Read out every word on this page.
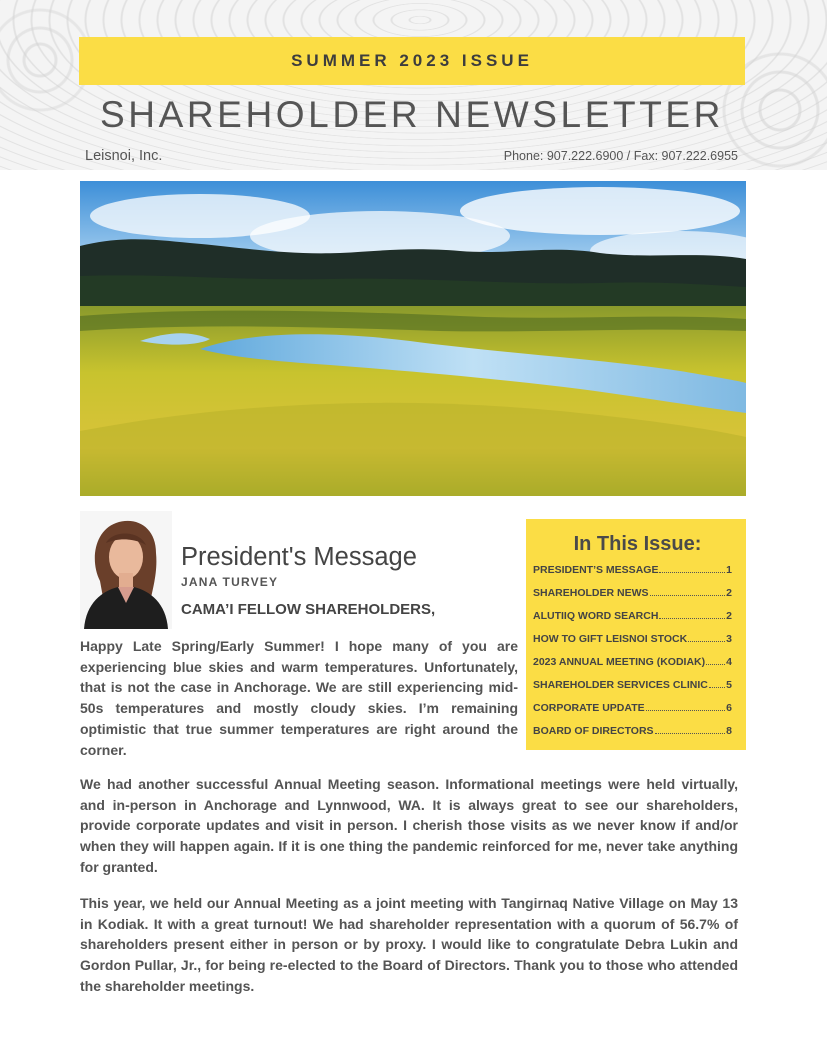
SUMMER 2023 ISSUE
SHAREHOLDER NEWSLETTER
Leisnoi, Inc.	Phone: 907.222.6900 / Fax: 907.222.6955
President's Message
JANA TURVEY
CAMA’I FELLOW SHAREHOLDERS,

Happy Late Spring/Early Summer! I hope many of you are experiencing blue skies and warm temperatures. Unfortunately, that is not the case in Anchorage. We are still experiencing mid-50s temperatures and mostly cloudy skies. I’m remaining optimistic that true summer temperatures are right around the corner.

We had another successful Annual Meeting season. Informational meetings were held virtually, and in-person in Anchorage and Lynnwood, WA. It is always great to see our shareholders, provide corporate updates and visit in person. I cherish those visits as we never know if and/or when they will happen again. If it is one thing the pandemic reinforced for me, never take anything for granted.

This year, we held our Annual Meeting as a joint meeting with Tangirnaq Native Village on May 13 in Kodiak. It with a great turnout! We had shareholder representation with a quorum of 56.7% of shareholders present either in person or by proxy. I would like to congratulate Debra Lukin and Gordon Pullar, Jr., for being re-elected to the Board of Directors. Thank you to those who attended the shareholder meetings.

In This Issue:
PRESIDENT’S MESSAGE	1
SHAREHOLDER NEWS	2
ALUTIIQ WORD SEARCH	2
HOW TO GIFT LEISNOI STOCK	3
2023 ANNUAL MEETING (KODIAK) 4
SHAREHOLDER SERVICES CLINIC 5
CORPORATE UPDATE	6
BOARD OF DIRECTORS	8
